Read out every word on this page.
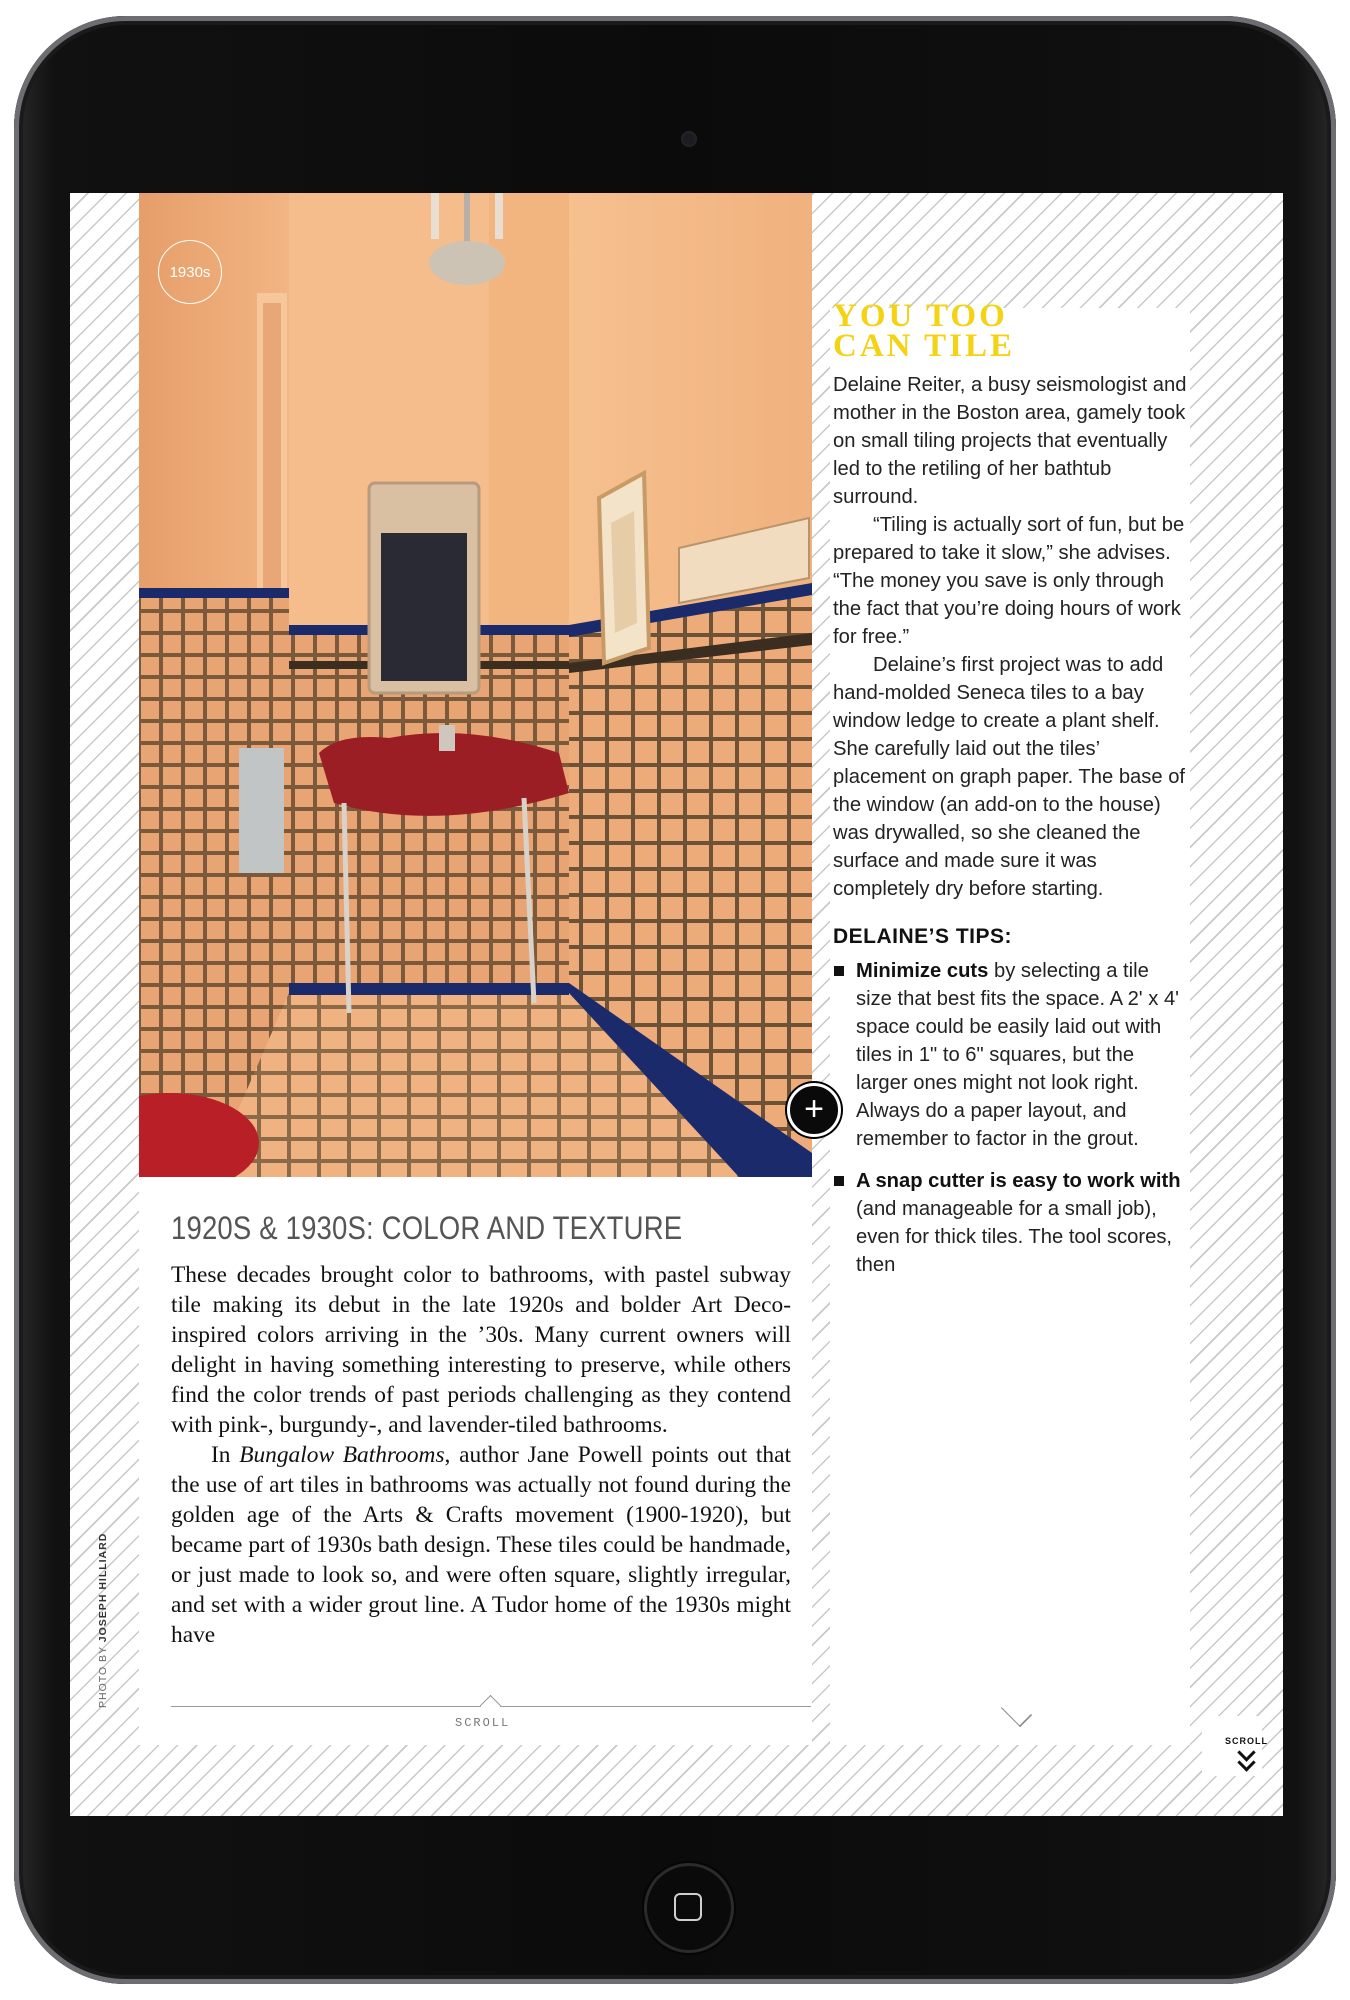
1930s
+
1920S & 1930S: COLOR AND TEXTURE

These decades brought color to bathrooms, with pastel subway tile making its debut in the late 1920s and bolder Art Deco-inspired colors arriving in the ’30s. Many current owners will delight in having something interesting to preserve, while others find the color trends of past periods challenging as they contend with pink-, burgundy-, and lavender-tiled bathrooms.

In Bungalow Bathrooms, author Jane Powell points out that the use of art tiles in bathrooms was actually not found during the golden age of the Arts & Crafts movement (1900-1920), but became part of 1930s bath design. These tiles could be handmade, or just made to look so, and were often square, slightly irregular, and set with a wider grout line. A Tudor home of the 1930s might have

SCROLL
PHOTO BY JOSEPH HILLIARD
YOU TOO
CAN TILE

Delaine Reiter, a busy seismologist and mother in the Boston area, gamely took on small tiling projects that eventually led to the retiling of her bathtub surround.

“Tiling is actually sort of fun, but be prepared to take it slow,” she advises. “The money you save is only through the fact that you’re doing hours of work for free.”

Delaine’s first project was to add hand-molded Seneca tiles to a bay window ledge to create a plant shelf. She carefully laid out the tiles’ placement on graph paper. The base of the window (an add-on to the house) was drywalled, so she cleaned the surface and made sure it was completely dry before starting.

DELAINE’S TIPS:
Minimize cuts by selecting a tile size that best fits the space. A 2' x 4' space could be easily laid out with tiles in 1" to 6" squares, but the larger ones might not look right. Always do a paper layout, and remember to factor in the grout.
A snap cutter is easy to work with (and manageable for a small job), even for thick tiles. The tool scores, then
SCROLL
